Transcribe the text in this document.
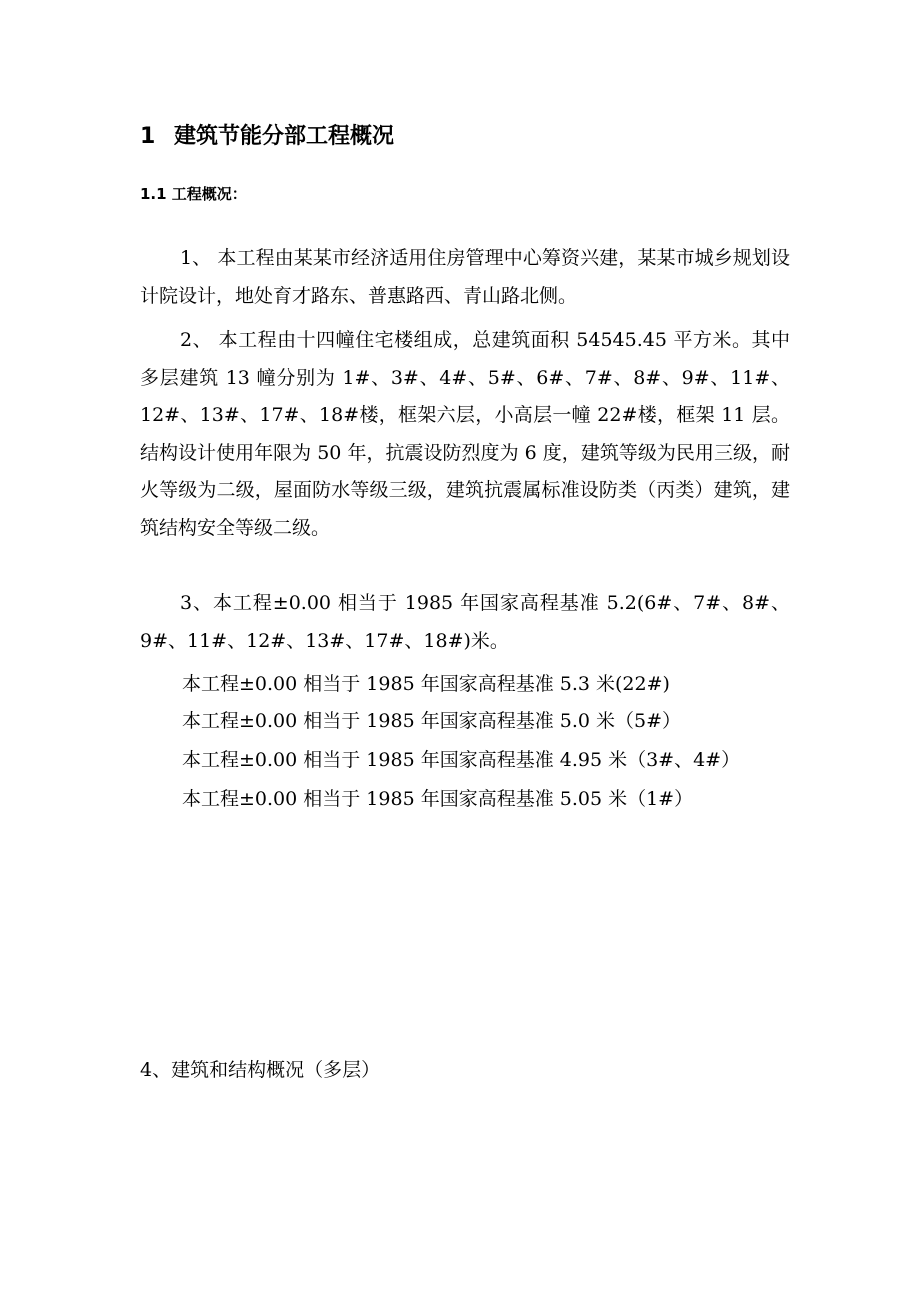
1 建筑节能分部工程概况
1.1 工程概况：

1、 本工程由某某市经济适用住房管理中心筹资兴建，某某市城乡规划设计院设计，地处育才路东、普惠路西、青山路北侧。

2、 本工程由十四幢住宅楼组成，总建筑面积 54545.45 平方米。其中多层建筑 13 幢分别为 1#、3#、4#、5#、6#、7#、8#、9#、11#、12#、13#、17#、18#楼，框架六层，小高层一幢 22#楼，框架 11 层。结构设计使用年限为 50 年，抗震设防烈度为 6 度，建筑等级为民用三级，耐火等级为二级，屋面防水等级三级，建筑抗震属标准设防类（丙类）建筑，建筑结构安全等级二级。

3、本工程±0.00 相当于 1985 年国家高程基准 5.2(6#、7#、8#、9#、11#、12#、13#、17#、18#)米。

本工程±0.00 相当于 1985 年国家高程基准 5.3 米(22#)
本工程±0.00 相当于 1985 年国家高程基准 5.0 米（5#）
本工程±0.00 相当于 1985 年国家高程基准 4.95 米（3#、4#）
本工程±0.00 相当于 1985 年国家高程基准 5.05 米（1#）
4、建筑和结构概况（多层）
